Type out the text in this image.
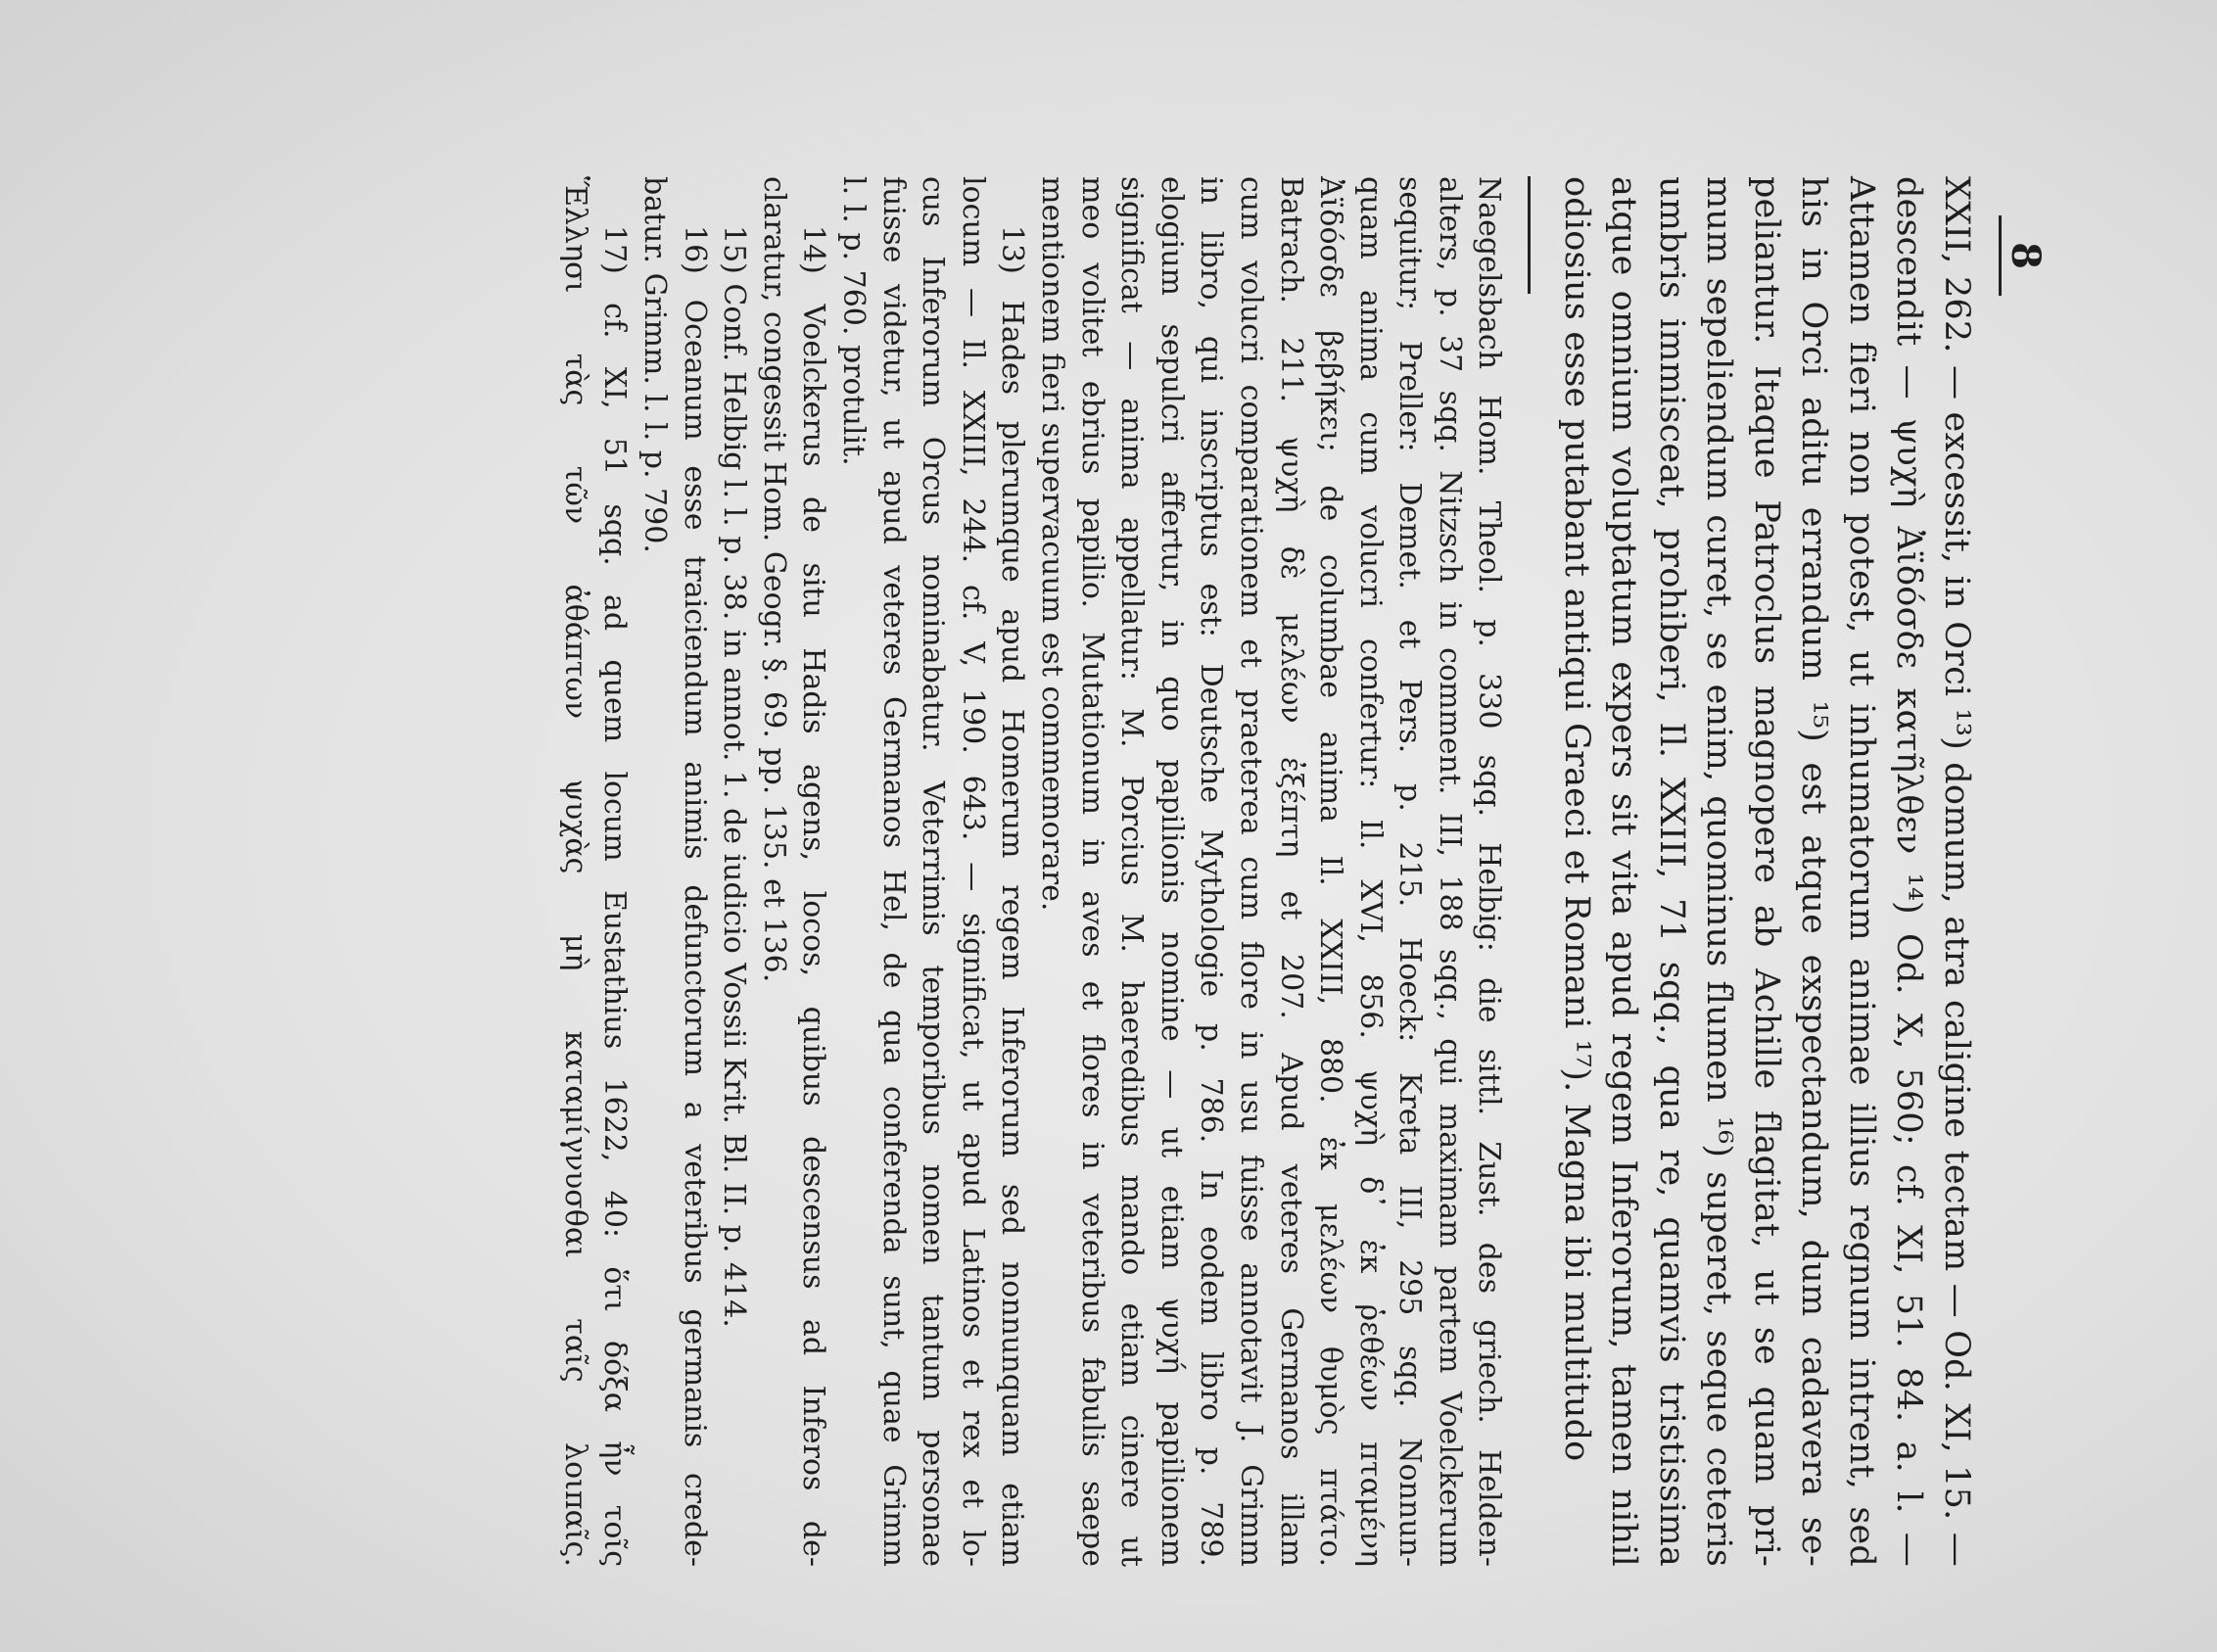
8

XXII, 262. — excessit, in Orci ¹³) domum, atra caligine tectam — Od. XI, 15. —

descendit — ψυχὴ Ἀϊδόσδε κατῆλθεν ¹⁴) Od. X, 560; cf. XI, 51. 84. a. l. —

Attamen fieri non potest, ut inhumatorum animae illius regnum intrent, sed

his in Orci aditu errandum ¹⁵) est atque exspectandum, dum cadavera se-

peliantur. Itaque Patroclus magnopere ab Achille flagitat, ut se quam pri-

mum sepeliendum curet, se enim, quominus flumen ¹⁶) superet, seque ceteris

umbris immisceat, prohiberi, Il. XXIII, 71 sqq., qua re, quamvis tristissima

atque omnium voluptatum expers sit vita apud regem Inferorum, tamen nihil

odiosius esse putabant antiqui Graeci et Romani ¹⁷). Magna ibi multitudo

Naegelsbach Hom. Theol. p. 330 sqq. Helbig: die sittl. Zust. des griech. Helden-

alters, p. 37 sqq. Nitzsch in comment. III, 188 sqq., qui maximam partem Voelckerum

sequitur; Preller: Demet. et Pers. p. 215. Hoeck: Kreta III, 295 sqq. Nonnun-

quam anima cum volucri confertur: Il. XVI, 856. ψυχὴ δ᾽ ἐκ ῥεθέων πταμένη

Ἀϊδόσδε βεβήκει; de columbae anima Il. XXIII, 880. ἐκ μελέων θυμὸς πτάτο.

Batrach. 211. ψυχὴ δὲ μελέων ἐξέπτη et 207. Apud veteres Germanos illam

cum volucri comparationem et praeterea cum flore in usu fuisse annotavit J. Grimm

in libro, qui inscriptus est: Deutsche Mythologie p. 786. In eodem libro p. 789.

elogium sepulcri affertur, in quo papilionis nomine — ut etiam ψυχή papilionem

significat — anima appellatur: M. Porcius M. haeredibus mando etiam cinere ut

meo volitet ebrius papilio. Mutationum in aves et flores in veteribus fabulis saepe

mentionem fieri supervacuum est commemorare.

13) Hades plerumque apud Homerum regem Inferorum sed nonnunquam etiam

locum — Il. XXIII, 244. cf. V, 190. 643. — significat, ut apud Latinos et rex et lo-

cus Inferorum Orcus nominabatur. Veterrimis temporibus nomen tantum personae

fuisse videtur, ut apud veteres Germanos Hel, de qua conferenda sunt, quae Grimm

l. l. p. 760. protulit.

14) Voelckerus de situ Hadis agens, locos, quibus descensus ad Inferos de-

claratur, congessit Hom. Geogr. §. 69. pp. 135. et 136.

15) Conf. Helbig l. l. p. 38. in annot. 1. de iudicio Vossii Krit. Bl. II. p. 414.

16) Oceanum esse traiciendum animis defunctorum a veteribus germanis crede-

batur. Grimm. l. l. p. 790.

17) cf. XI, 51 sqq. ad quem locum Eustathius 1622, 40: ὅτι δόξα ἦν τοῖς

Ἕλλησι τὰς τῶν ἀθάπτων ψυχὰς μὴ καταμίγνυσθαι ταῖς λοιπαῖς.
